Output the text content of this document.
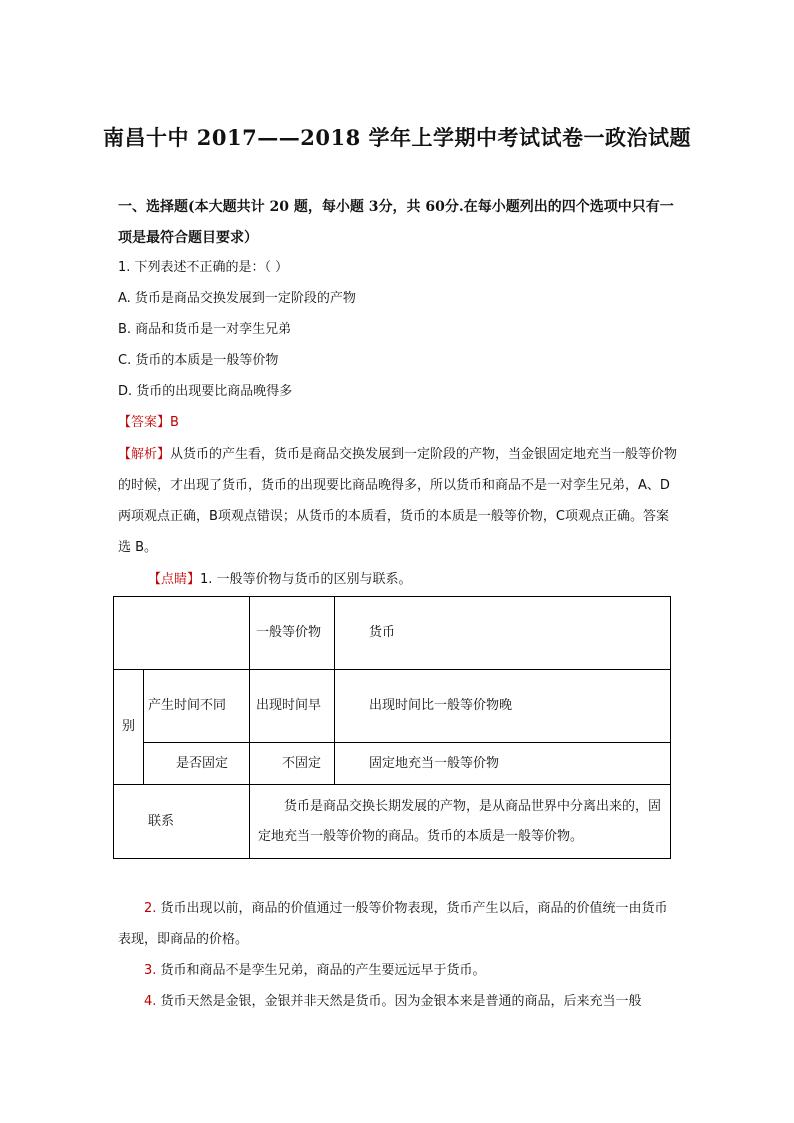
南昌十中 2017——2018 学年上学期中考试试卷一政治试题
一、选择题(本大题共计 20 题，每小题 3分，共 60分.在每小题列出的四个选项中只有一项是最符合题目要求）
1. 下列表述不正确的是：（ ）
A. 货币是商品交换发展到一定阶段的产物
B. 商品和货币是一对孪生兄弟
C. 货币的本质是一般等价物
D. 货币的出现要比商品晚得多
【答案】B
【解析】从货币的产生看，货币是商品交换发展到一定阶段的产物，当金银固定地充当一般等价物的时候，才出现了货币，货币的出现要比商品晚得多，所以货币和商品不是一对孪生兄弟，A、D 两项观点正确，B项观点错误；从货币的本质看，货币的本质是一般等价物，C项观点正确。答案选 B。
【点睛】1. 一般等价物与货币的区别与联系。

		一般等价物	货币
别	产生时间不同	出现时间早	出现时间比一般等价物晚
	是否固定	不固定	固定地充当一般等价物
联系		货币是商品交换长期发展的产物，是从商品世界中分离出来的，固定地充当一般等价物的商品。货币的本质是一般等价物。	
2. 货币出现以前，商品的价值通过一般等价物表现，货币产生以后，商品的价值统一由货币表现，即商品的价格。
3. 货币和商品不是孪生兄弟，商品的产生要远远早于货币。
4. 货币天然是金银，金银并非天然是货币。因为金银本来是普通的商品，后来充当一般
